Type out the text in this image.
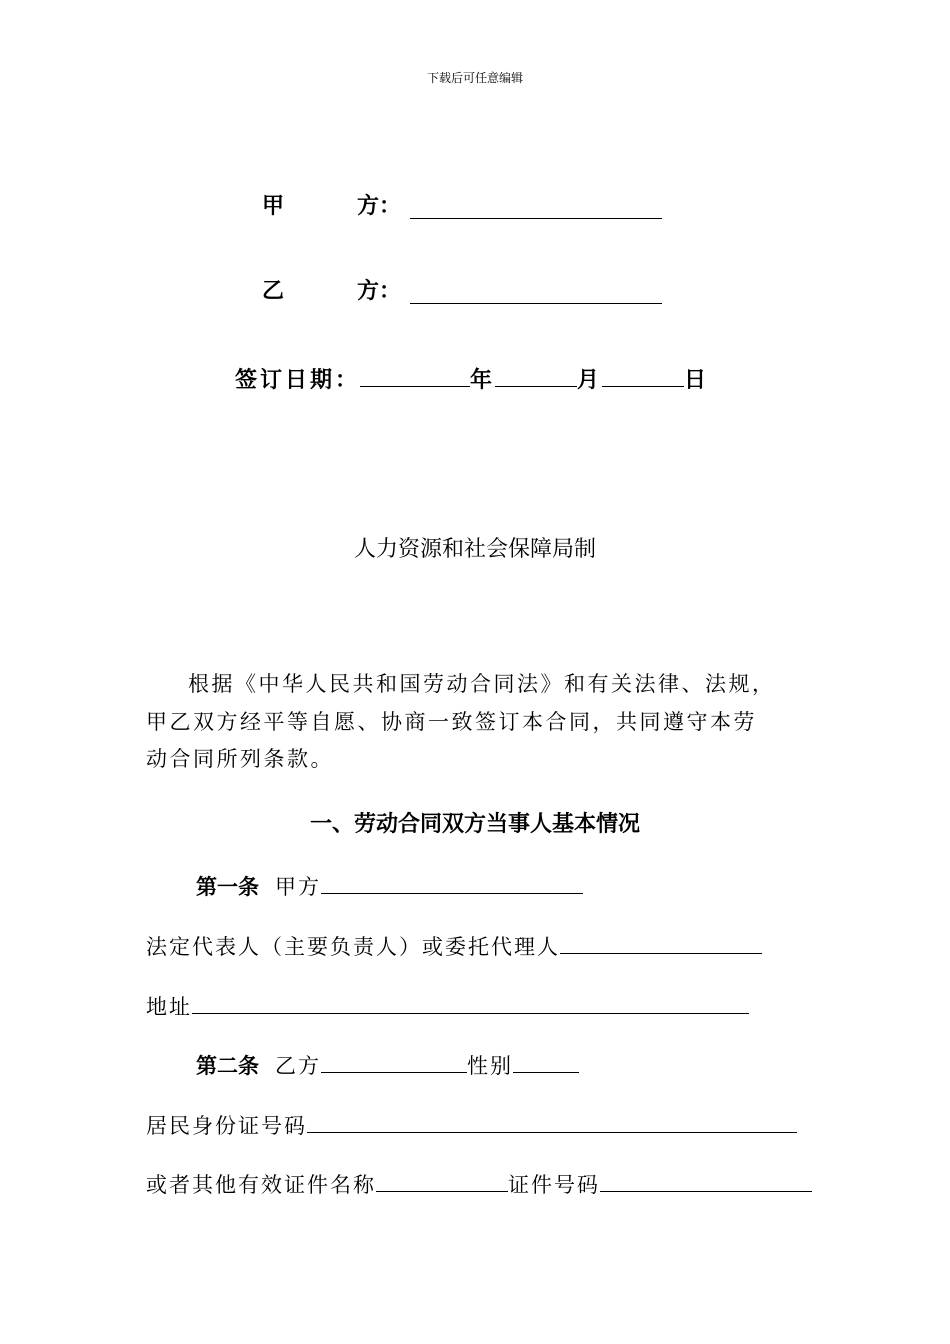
下载后可任意编辑
甲	方：
乙	方：
签订日期：	年	月	日
人力资源和社会保障局制
根据《中华人民共和国劳动合同法》和有关法律、法规，
甲乙双方经平等自愿、协商一致签订本合同，共同遵守本劳
动合同所列条款。
一、劳动合同双方当事人基本情况
第一条 甲方
法定代表人（主要负责人）或委托代理人
地址
第二条 乙方	性别
居民身份证号码
或者其他有效证件名称	证件号码
